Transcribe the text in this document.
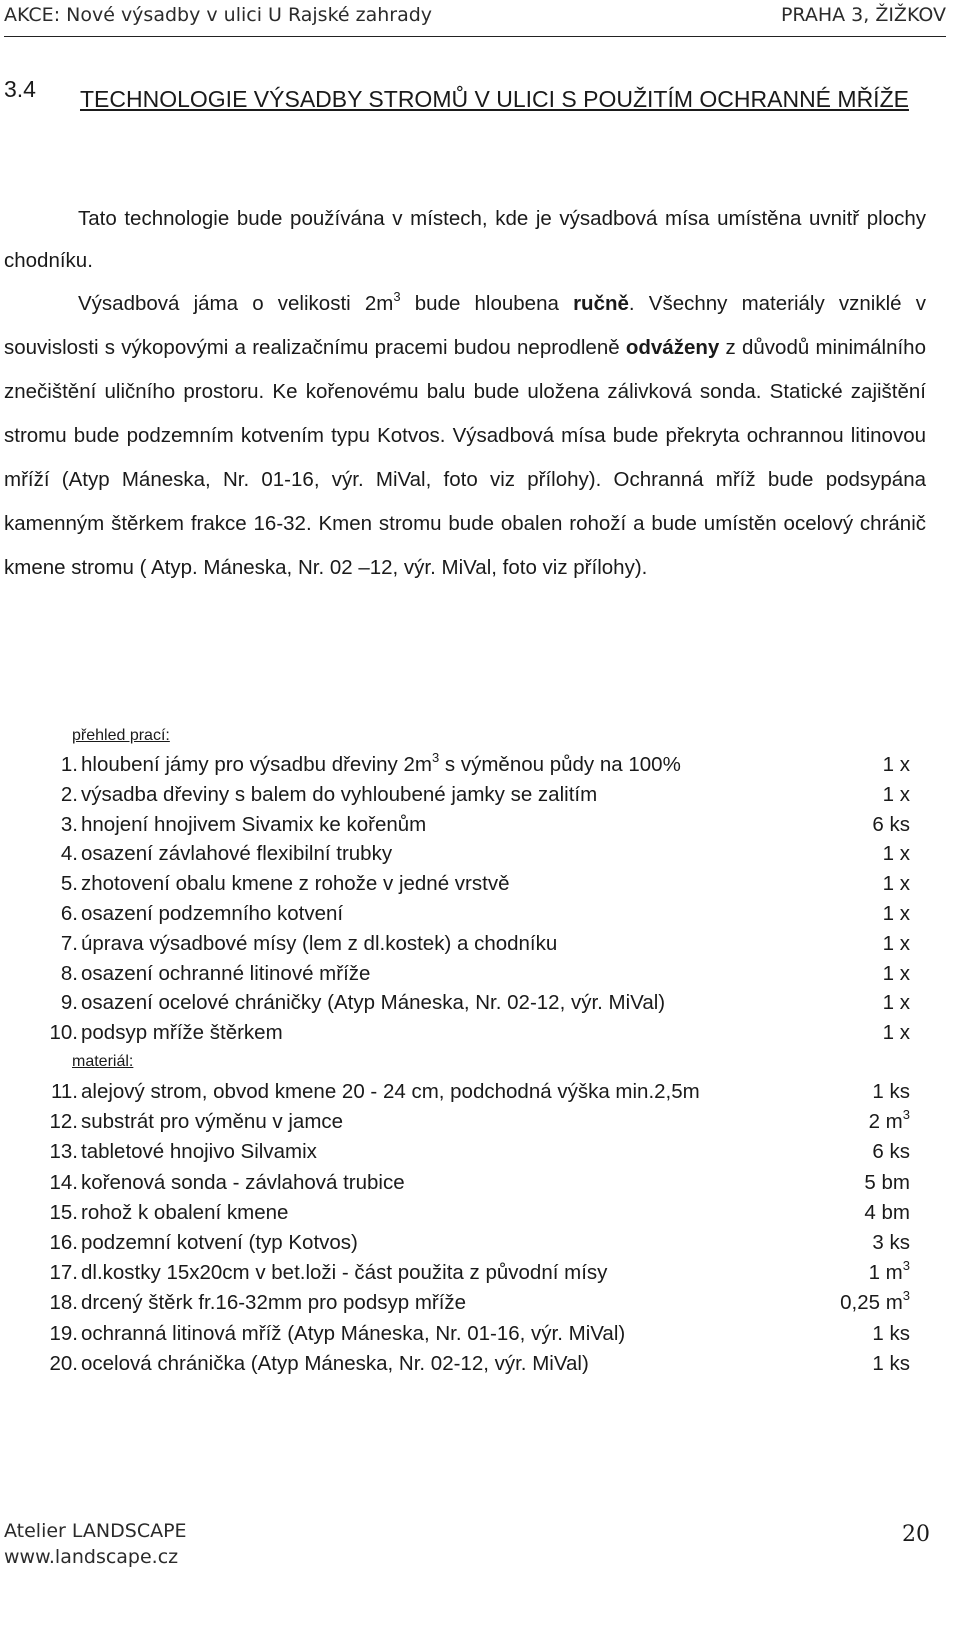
AKCE: Nové výsadby v ulici U Rajské zahrady	PRAHA 3, ŽIŽKOV
3.4 TECHNOLOGIE VÝSADBY STROMŮ V ULICI S POUŽITÍM OCHRANNÉ MŘÍŽE
Tato technologie bude používána v místech, kde je výsadbová mísa umístěna uvnitř plochy chodníku.
Výsadbová jáma o velikosti $2m^3$ bude hloubena ručně. Všechny materiály vzniklé v souvislosti s výkopovými a realizačnímu pracemi budou neprodleně odváženy z důvodů minimálního znečištění uličního prostoru. Ke kořenovému balu bude uložena zálivková sonda. Statické zajištění stromu bude podzemním kotvením typu Kotvos. Výsadbová mísa bude překryta ochrannou litinovou mříží (Atyp Máneska, Nr. 01-16, výr. MiVal, foto viz přílohy). Ochranná mříž bude podsypána kamenným štěrkem frakce 16-32. Kmen stromu bude obalen rohoží a bude umístěn ocelový chránič kmene stromu ( Atyp. Máneska, Nr. 02 –12, výr. MiVal, foto viz přílohy).
přehled prací:
1. hloubení jámy pro výsadbu dřeviny $2m^3$ s výměnou půdy na 100%	1 x
2. výsadba dřeviny s balem do vyhloubené jamky se zalitím	1 x
3. hnojení hnojivem Sivamix ke kořenům	6 ks
4. osazení závlahové flexibilní trubky	1 x
5. zhotovení obalu kmene z rohože v jedné vrstvě	1 x
6. osazení podzemního kotvení	1 x
7. úprava výsadbové mísy (lem z dl.kostek) a chodníku	1 x
8. osazení ochranné litinové mříže	1 x
9. osazení ocelové chráničky (Atyp Máneska, Nr. 02-12, výr. MiVal)	1 x
10. podsyp mříže štěrkem	1 x
materiál:
11. alejový strom, obvod kmene 20 - 24 cm, podchodná výška min.2,5m	1 ks
12. substrát pro výměnu v jamce	2 $m^3$
13. tabletové hnojivo Silvamix	6 ks
14. kořenová sonda - závlahová trubice	5 bm
15. rohož k obalení kmene	4 bm
16. podzemní kotvení (typ Kotvos)	3 ks
17. dl.kostky 15x20cm v bet.loži - část použita z původní mísy	1 $m^3$
18. drcený štěrk fr.16-32mm pro podsyp mříže	0,25 $m^3$
19. ochranná litinová mříž (Atyp Máneska, Nr. 01-16, výr. MiVal)	1 ks
20. ocelová chránička (Atyp Máneska, Nr. 02-12, výr. MiVal)	1 ks
Atelier LANDSCAPE
www.landscape.cz
20
